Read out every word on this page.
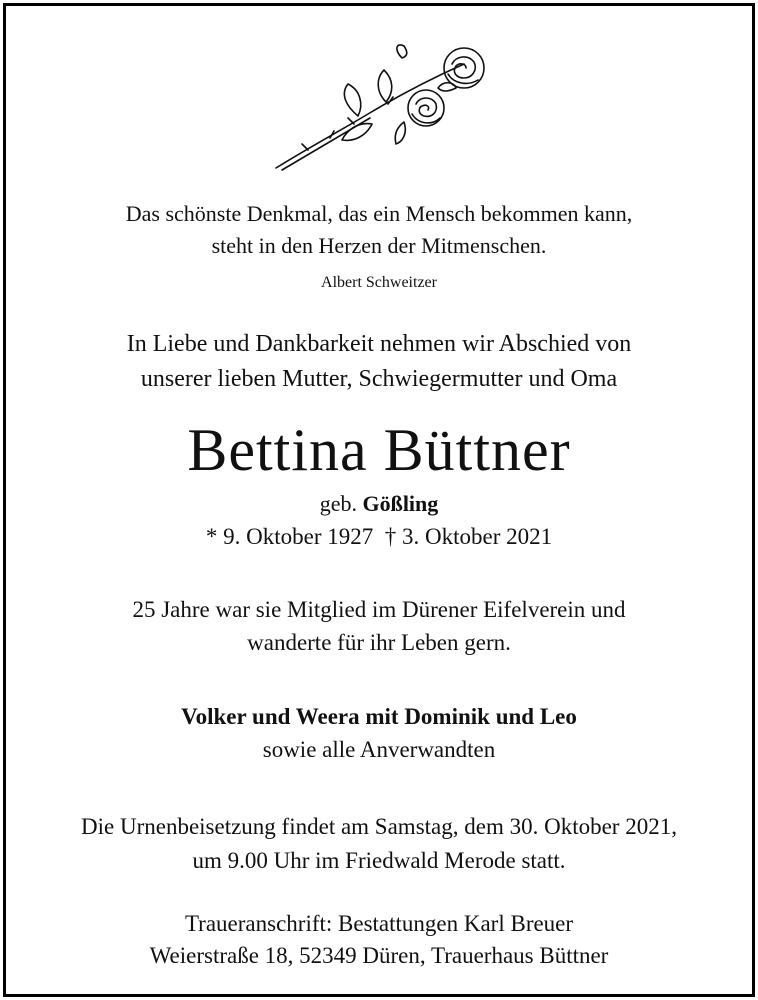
Das schönste Denkmal, das ein Mensch bekommen kann,
steht in den Herzen der Mitmenschen.
Albert Schweitzer
In Liebe und Dankbarkeit nehmen wir Abschied von
unserer lieben Mutter, Schwiegermutter und Oma
Bettina Büttner
geb. Gößling
* 9. Oktober 1927 † 3. Oktober 2021
25 Jahre war sie Mitglied im Dürener Eifelverein und
wanderte für ihr Leben gern.
Volker und Weera mit Dominik und Leo
sowie alle Anverwandten
Die Urnenbeisetzung findet am Samstag, dem 30. Oktober 2021,
um 9.00 Uhr im Friedwald Merode statt.
Traueranschrift: Bestattungen Karl Breuer
Weierstraße 18, 52349 Düren, Trauerhaus Büttner
